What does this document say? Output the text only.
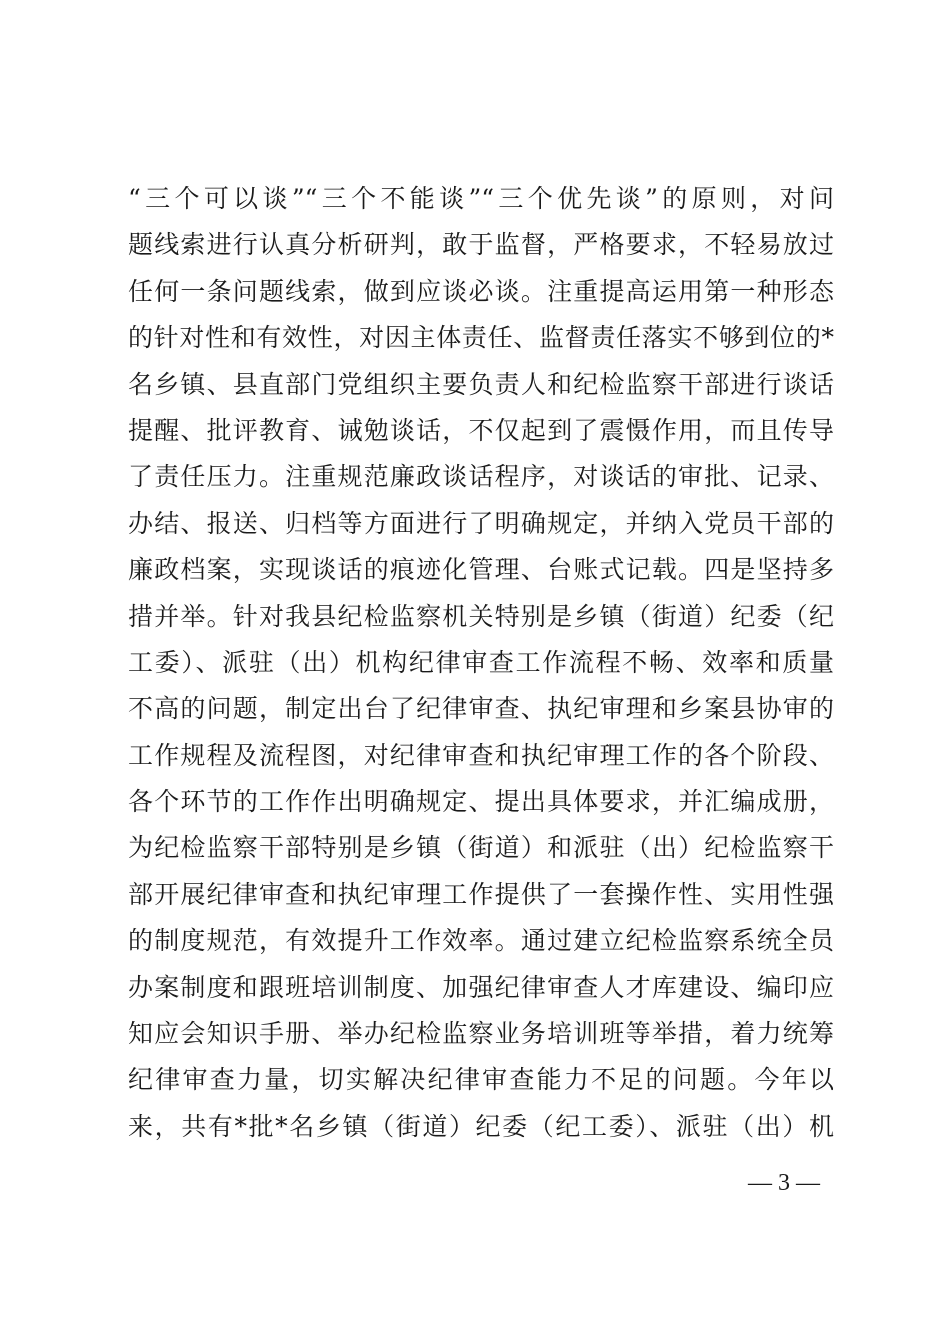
“三个可以谈”“三个不能谈”“三个优先谈”的原则，对问
题线索进行认真分析研判，敢于监督，严格要求，不轻易放过
任何一条问题线索，做到应谈必谈。注重提高运用第一种形态
的针对性和有效性，对因主体责任、监督责任落实不够到位的*
名乡镇、县直部门党组织主要负责人和纪检监察干部进行谈话
提醒、批评教育、诫勉谈话，不仅起到了震慑作用，而且传导
了责任压力。注重规范廉政谈话程序，对谈话的审批、记录、
办结、报送、归档等方面进行了明确规定，并纳入党员干部的
廉政档案，实现谈话的痕迹化管理、台账式记载。四是坚持多
措并举。针对我县纪检监察机关特别是乡镇（街道）纪委（纪
工委）、派驻（出）机构纪律审查工作流程不畅、效率和质量
不高的问题，制定出台了纪律审查、执纪审理和乡案县协审的
工作规程及流程图，对纪律审查和执纪审理工作的各个阶段、
各个环节的工作作出明确规定、提出具体要求，并汇编成册，
为纪检监察干部特别是乡镇（街道）和派驻（出）纪检监察干
部开展纪律审查和执纪审理工作提供了一套操作性、实用性强
的制度规范，有效提升工作效率。通过建立纪检监察系统全员
办案制度和跟班培训制度、加强纪律审查人才库建设、编印应
知应会知识手册、举办纪检监察业务培训班等举措，着力统筹
纪律审查力量，切实解决纪律审查能力不足的问题。今年以
来，共有*批*名乡镇（街道）纪委（纪工委）、派驻（出）机
— 3 —
